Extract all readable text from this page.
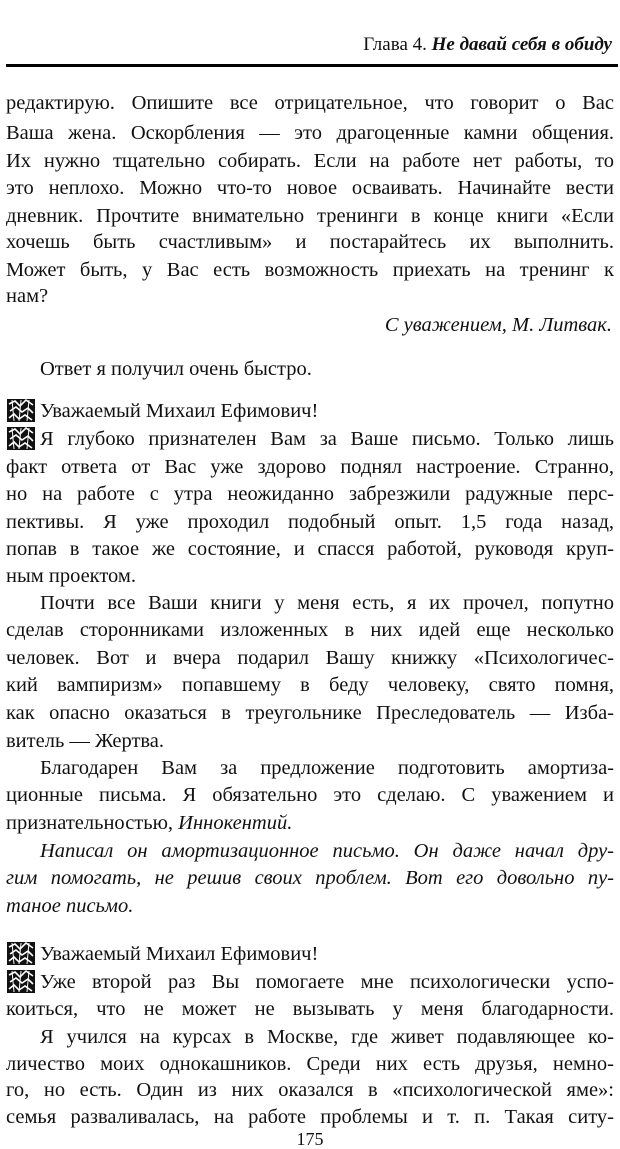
Глава 4. Не давай себя в обиду
редактирую. Опишите все отрицательное, что говорит о Вас
Ваша жена. Оскорбления — это драгоценные камни общения.
Их нужно тщательно собирать. Если на работе нет работы, то
это неплохо. Можно что-то новое осваивать. Начинайте вести
дневник. Прочтите внимательно тренинги в конце книги «Если
хочешь быть счастливым» и постарайтесь их выполнить.
Может быть, у Вас есть возможность приехать на тренинг к
нам?
С уважением, М. Литвак.
Ответ я получил очень быстро.
Уважаемый Михаил Ефимович!
Я глубоко признателен Вам за Ваше письмо. Только лишь
факт ответа от Вас уже здорово поднял настроение. Странно,
но на работе с утра неожиданно забрезжили радужные перс-
пективы. Я уже проходил подобный опыт. 1,5 года назад,
попав в такое же состояние, и спасся работой, руководя круп-
ным проектом.
Почти все Ваши книги у меня есть, я их прочел, попутно
сделав сторонниками изложенных в них идей еще несколько
человек. Вот и вчера подарил Вашу книжку «Психологичес-
кий вампиризм» попавшему в беду человеку, свято помня,
как опасно оказаться в треугольнике Преследователь — Изба-
витель — Жертва.
Благодарен Вам за предложение подготовить амортиза-
ционные письма. Я обязательно это сделаю. С уважением и
признательностью, Иннокентий.
Написал он амортизационное письмо. Он даже начал дру-
гим помогать, не решив своих проблем. Вот его довольно пу-
таное письмо.
Уважаемый Михаил Ефимович!
Уже второй раз Вы помогаете мне психологически успо-
коиться, что не может не вызывать у меня благодарности.
Я учился на курсах в Москве, где живет подавляющее ко-
личество моих однокашников. Среди них есть друзья, немно-
го, но есть. Один из них оказался в «психологической яме»:
семья разваливалась, на работе проблемы и т. п. Такая ситу-
175
